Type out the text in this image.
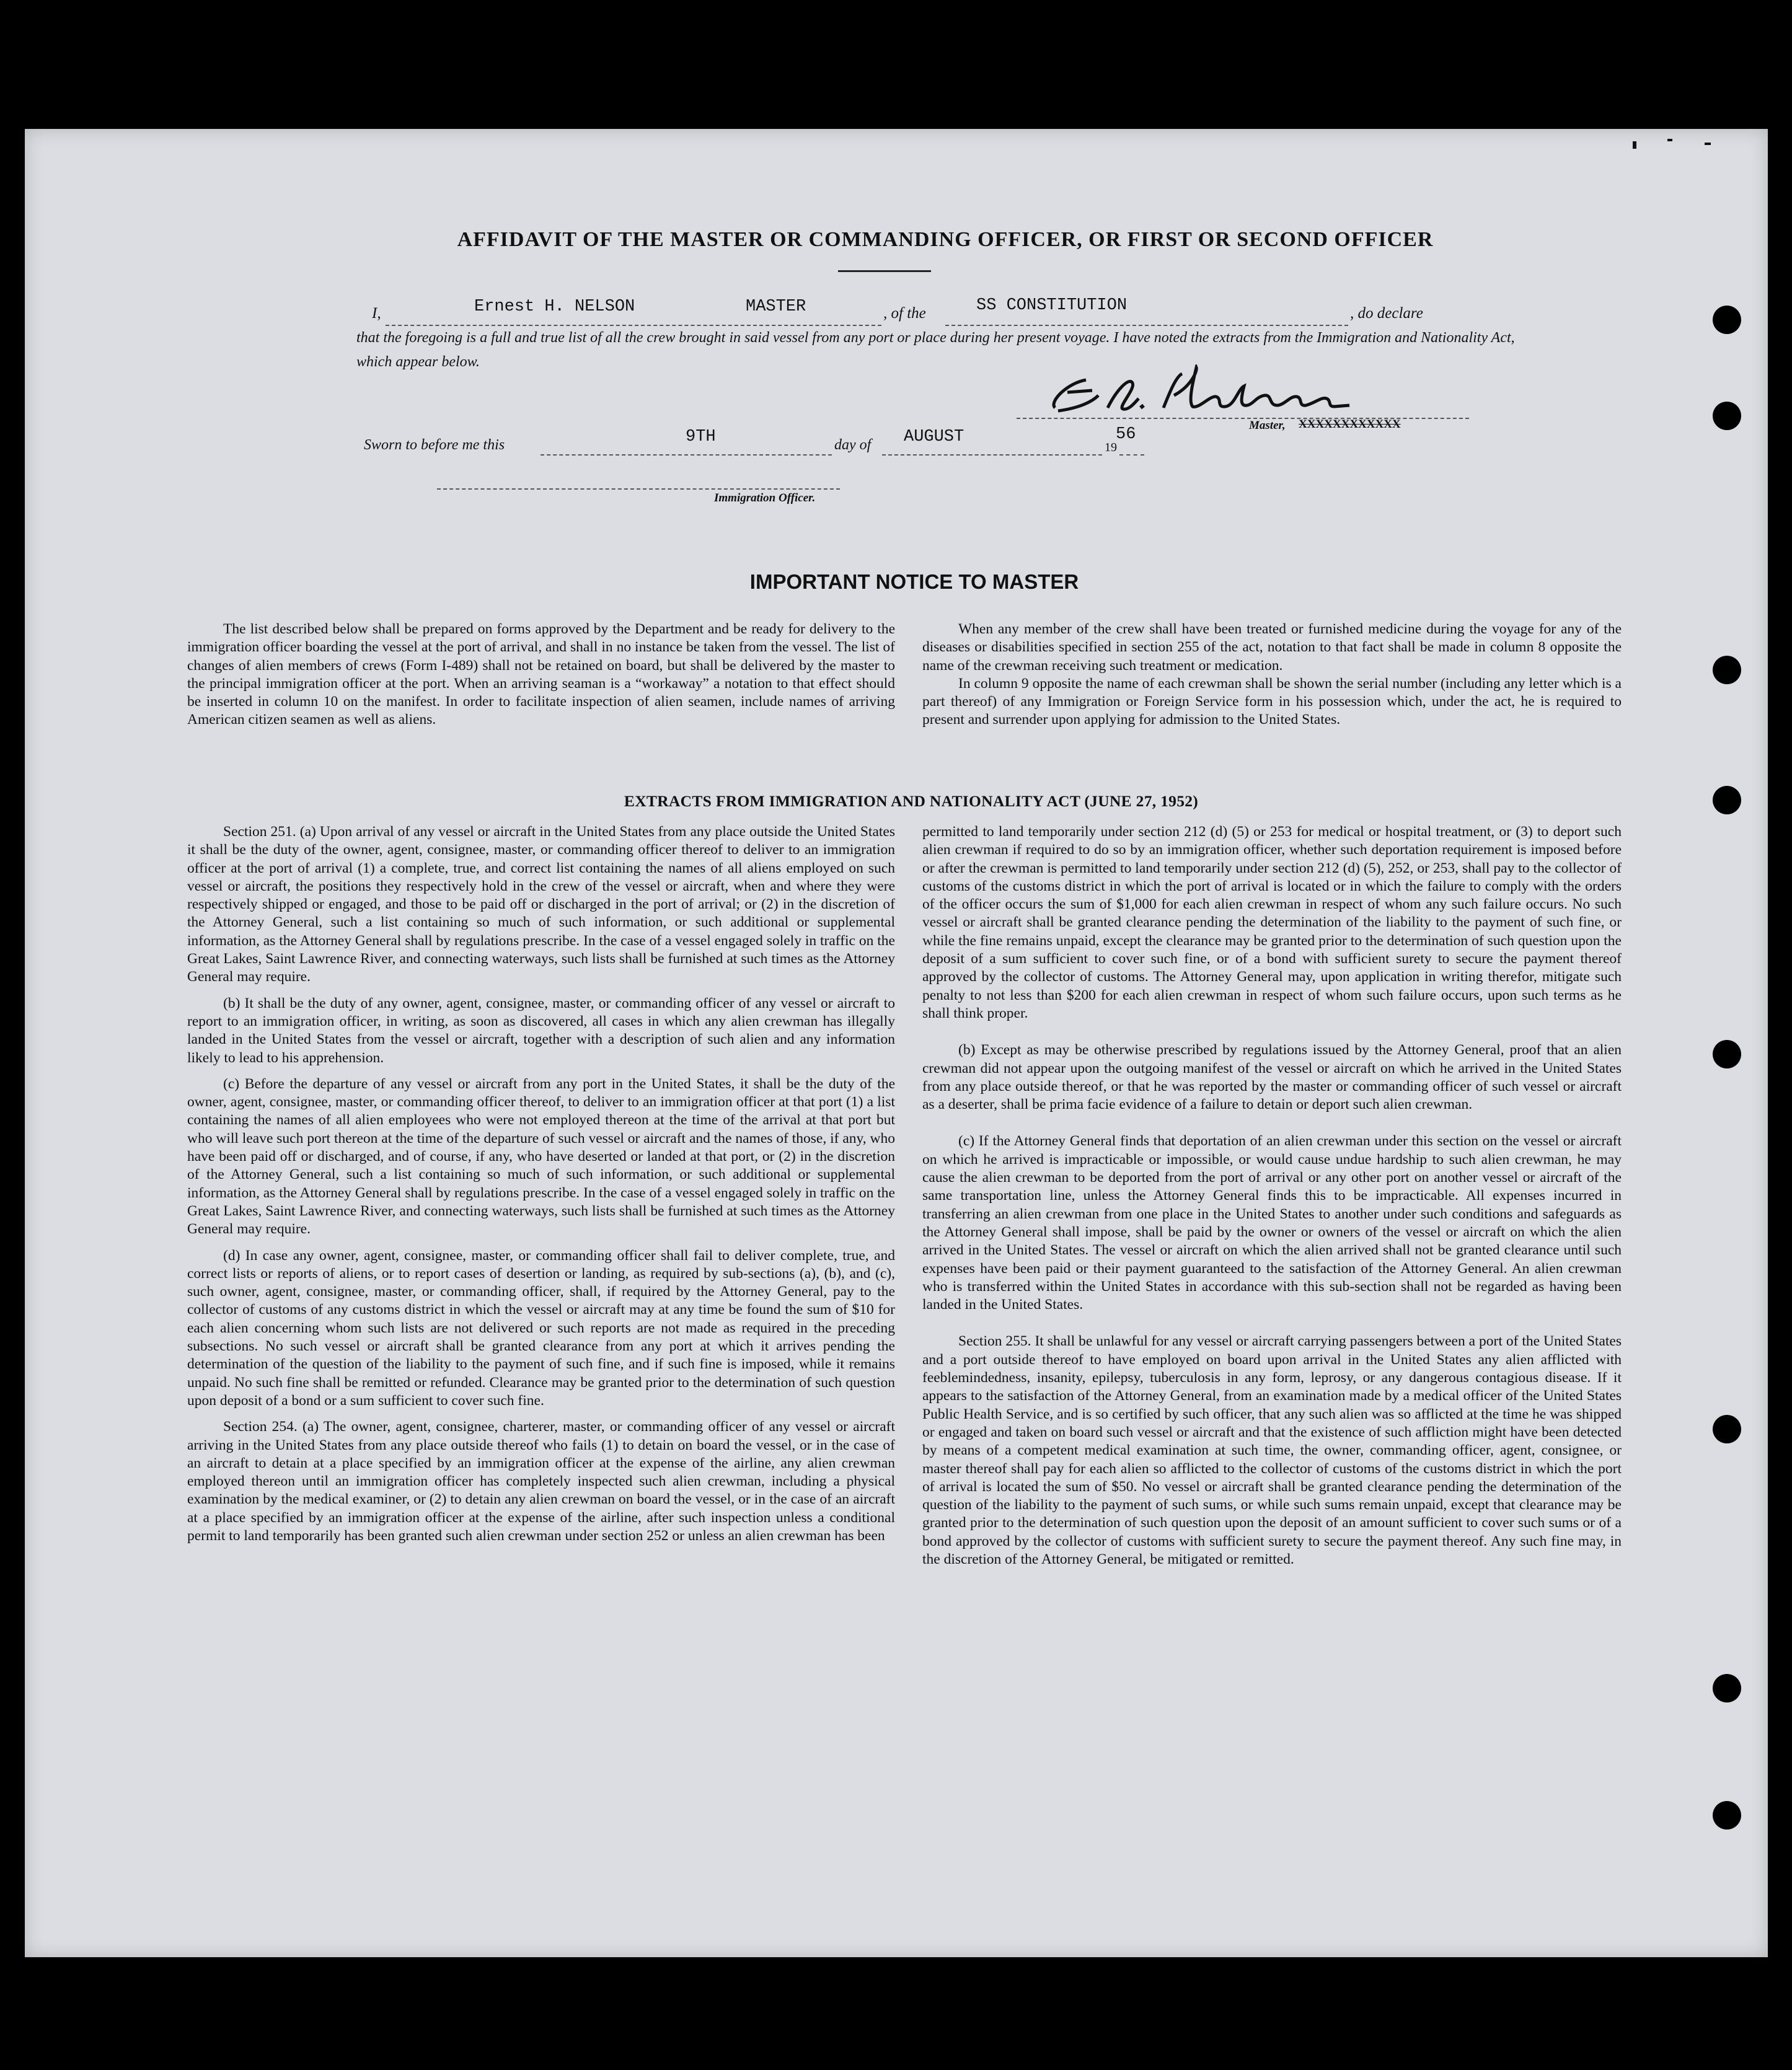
AFFIDAVIT OF THE MASTER OR COMMANDING OFFICER, OR FIRST OR SECOND OFFICER
I,	Ernest H. NELSON	MASTER	, of the	SS CONSTITUTION	, do declare
that the foregoing is a full and true list of all the crew brought in said vessel from any port or place during her present voyage. I have noted the extracts from the Immigration and Nationality Act, which appear below.
Master, XXXXXXXXXXXX
Sworn to before me this	9TH	day of AUGUST
19
56
Immigration Officer.
IMPORTANT NOTICE TO MASTER

The list described below shall be prepared on forms approved by the Department and be ready for delivery to the immigration officer boarding the vessel at the port of arrival, and shall in no instance be taken from the vessel. The list of changes of alien members of crews (Form I-489) shall not be retained on board, but shall be delivered by the master to the principal immigration officer at the port. When an arriving seaman is a “workaway” a notation to that effect should be inserted in column 10 on the manifest. In order to facilitate inspection of alien seamen, include names of arriving American citizen seamen as well as aliens.

When any member of the crew shall have been treated or furnished medicine during the voyage for any of the diseases or disabilities specified in section 255 of the act, notation to that fact shall be made in column 8 opposite the name of the crewman receiving such treatment or medication.

In column 9 opposite the name of each crewman shall be shown the serial number (including any letter which is a part thereof) of any Immigration or Foreign Service form in his possession which, under the act, he is required to present and surrender upon applying for admission to the United States.

EXTRACTS FROM IMMIGRATION AND NATIONALITY ACT (JUNE 27, 1952)

Section 251. (a) Upon arrival of any vessel or aircraft in the United States from any place outside the United States it shall be the duty of the owner, agent, consignee, master, or commanding officer thereof to deliver to an immigration officer at the port of arrival (1) a complete, true, and correct list containing the names of all aliens employed on such vessel or aircraft, the positions they respectively hold in the crew of the vessel or aircraft, when and where they were respectively shipped or engaged, and those to be paid off or discharged in the port of arrival; or (2) in the discretion of the Attorney General, such a list containing so much of such information, or such additional or supplemental information, as the Attorney General shall by regulations prescribe. In the case of a vessel engaged solely in traffic on the Great Lakes, Saint Lawrence River, and connecting waterways, such lists shall be furnished at such times as the Attorney General may require.

(b) It shall be the duty of any owner, agent, consignee, master, or commanding officer of any vessel or aircraft to report to an immigration officer, in writing, as soon as discovered, all cases in which any alien crewman has illegally landed in the United States from the vessel or aircraft, together with a description of such alien and any information likely to lead to his apprehension.

(c) Before the departure of any vessel or aircraft from any port in the United States, it shall be the duty of the owner, agent, consignee, master, or commanding officer thereof, to deliver to an immigration officer at that port (1) a list containing the names of all alien employees who were not employed thereon at the time of the arrival at that port but who will leave such port thereon at the time of the departure of such vessel or aircraft and the names of those, if any, who have been paid off or discharged, and of course, if any, who have deserted or landed at that port, or (2) in the discretion of the Attorney General, such a list containing so much of such information, or such additional or supplemental information, as the Attorney General shall by regulations prescribe. In the case of a vessel engaged solely in traffic on the Great Lakes, Saint Lawrence River, and connecting waterways, such lists shall be furnished at such times as the Attorney General may require.

(d) In case any owner, agent, consignee, master, or commanding officer shall fail to deliver complete, true, and correct lists or reports of aliens, or to report cases of desertion or landing, as required by sub-sections (a), (b), and (c), such owner, agent, consignee, master, or commanding officer, shall, if required by the Attorney General, pay to the collector of customs of any customs district in which the vessel or aircraft may at any time be found the sum of $10 for each alien concerning whom such lists are not delivered or such reports are not made as required in the preceding subsections. No such vessel or aircraft shall be granted clearance from any port at which it arrives pending the determination of the question of the liability to the payment of such fine, and if such fine is imposed, while it remains unpaid. No such fine shall be remitted or refunded. Clearance may be granted prior to the determination of such question upon deposit of a bond or a sum sufficient to cover such fine.

Section 254. (a) The owner, agent, consignee, charterer, master, or commanding officer of any vessel or aircraft arriving in the United States from any place outside thereof who fails (1) to detain on board the vessel, or in the case of an aircraft to detain at a place specified by an immigration officer at the expense of the airline, any alien crewman employed thereon until an immigration officer has completely inspected such alien crewman, including a physical examination by the medical examiner, or (2) to detain any alien crewman on board the vessel, or in the case of an aircraft at a place specified by an immigration officer at the expense of the airline, after such inspection unless a conditional permit to land temporarily has been granted such alien crewman under section 252 or unless an alien crewman has been

permitted to land temporarily under section 212 (d) (5) or 253 for medical or hospital treatment, or (3) to deport such alien crewman if required to do so by an immigration officer, whether such deportation requirement is imposed before or after the crewman is permitted to land temporarily under section 212 (d) (5), 252, or 253, shall pay to the collector of customs of the customs district in which the port of arrival is located or in which the failure to comply with the orders of the officer occurs the sum of $1,000 for each alien crewman in respect of whom any such failure occurs. No such vessel or aircraft shall be granted clearance pending the determination of the liability to the payment of such fine, or while the fine remains unpaid, except the clearance may be granted prior to the determination of such question upon the deposit of a sum sufficient to cover such fine, or of a bond with sufficient surety to secure the payment thereof approved by the collector of customs. The Attorney General may, upon application in writing therefor, mitigate such penalty to not less than $200 for each alien crewman in respect of whom such failure occurs, upon such terms as he shall think proper.

(b) Except as may be otherwise prescribed by regulations issued by the Attorney General, proof that an alien crewman did not appear upon the outgoing manifest of the vessel or aircraft on which he arrived in the United States from any place outside thereof, or that he was reported by the master or commanding officer of such vessel or aircraft as a deserter, shall be prima facie evidence of a failure to detain or deport such alien crewman.

(c) If the Attorney General finds that deportation of an alien crewman under this section on the vessel or aircraft on which he arrived is impracticable or impossible, or would cause undue hardship to such alien crewman, he may cause the alien crewman to be deported from the port of arrival or any other port on another vessel or aircraft of the same transportation line, unless the Attorney General finds this to be impracticable. All expenses incurred in transferring an alien crewman from one place in the United States to another under such conditions and safeguards as the Attorney General shall impose, shall be paid by the owner or owners of the vessel or aircraft on which the alien arrived in the United States. The vessel or aircraft on which the alien arrived shall not be granted clearance until such expenses have been paid or their payment guaranteed to the satisfaction of the Attorney General. An alien crewman who is transferred within the United States in accordance with this sub-section shall not be regarded as having been landed in the United States.

Section 255. It shall be unlawful for any vessel or aircraft carrying passengers between a port of the United States and a port outside thereof to have employed on board upon arrival in the United States any alien afflicted with feeblemindedness, insanity, epilepsy, tuberculosis in any form, leprosy, or any dangerous contagious disease. If it appears to the satisfaction of the Attorney General, from an examination made by a medical officer of the United States Public Health Service, and is so certified by such officer, that any such alien was so afflicted at the time he was shipped or engaged and taken on board such vessel or aircraft and that the existence of such affliction might have been detected by means of a competent medical examination at such time, the owner, commanding officer, agent, consignee, or master thereof shall pay for each alien so afflicted to the collector of customs of the customs district in which the port of arrival is located the sum of $50. No vessel or aircraft shall be granted clearance pending the determination of the question of the liability to the payment of such sums, or while such sums remain unpaid, except that clearance may be granted prior to the determination of such question upon the deposit of an amount sufficient to cover such sums or of a bond approved by the collector of customs with sufficient surety to secure the payment thereof. Any such fine may, in the discretion of the Attorney General, be mitigated or remitted.
